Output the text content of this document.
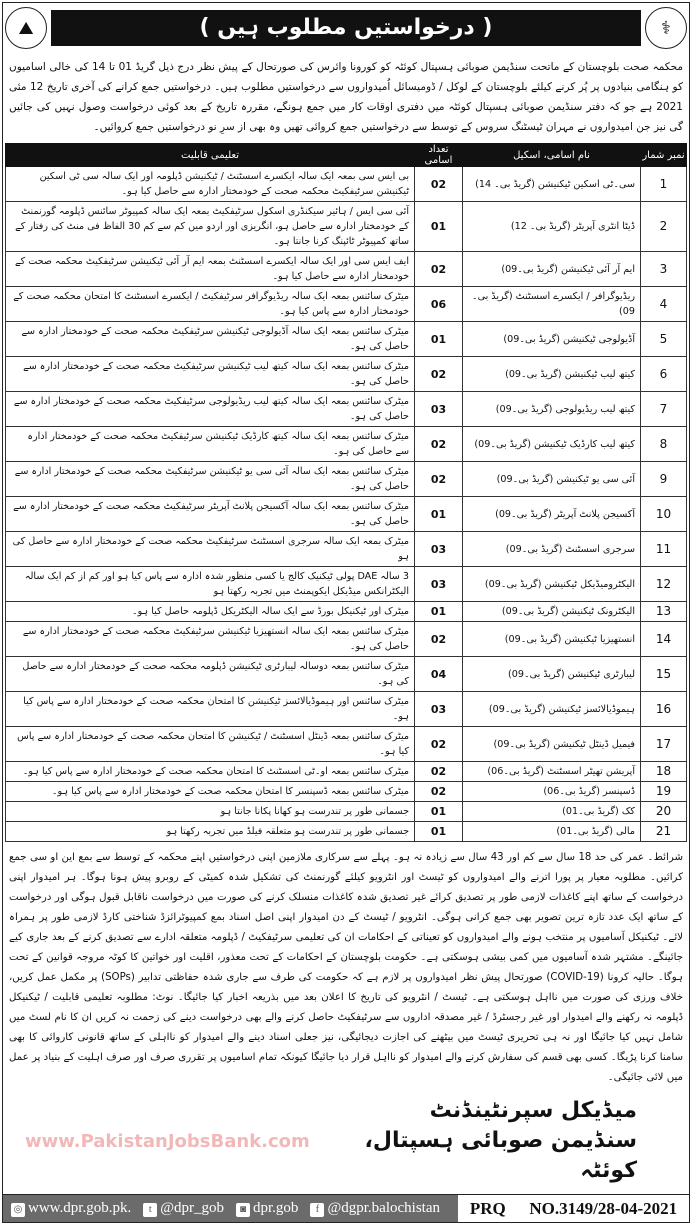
⛰	( درخواستیں مطلوب ہیں )	⚕

محکمہ صحت بلوچستان کے ماتحت سنڈیمن صوبائی ہسپتال کوئٹہ کو کورونا وائرس کی صورتحال کے پیش نظر درج ذیل گریڈ 01 تا 14 کی خالی اسامیوں کو ہنگامی بنیادوں پر پُر کرنے کیلئے بلوچستان کے لوکل / ڈومیسائل اُمیدواروں سے درخواستیں مطلوب ہیں۔ درخواستیں جمع کرانے کی آخری تاریخ 12 مئی 2021 ہے جو کہ دفتر سنڈیمن صوبائی ہسپتال کوئٹہ میں دفتری اوقات کار میں جمع ہونگے، مقررہ تاریخ کے بعد کوئی درخواست وصول نہیں کی جائیں گی نیز جن امیدواروں نے مہران ٹیسٹنگ سروس کے توسط سے درخواستیں جمع کروائی تھیں وہ بھی از سرِ نو درخواستیں جمع کروائیں۔

نمبر شمار	نام اسامی، اسکیل	تعداد اسامی	تعلیمی قابلیت
1	سی۔ٹی اسکین ٹیکنیشن (گریڈ بی۔ 14)	02	بی ایس سی بمعہ ایک سالہ ایکسرے اسسٹنٹ / ٹیکنیشن ڈپلومہ اور ایک سالہ سی ٹی اسکین ٹیکنیشن سرٹیفکیٹ محکمہ صحت کے خودمختار ادارہ سے حاصل کیا ہو۔
2	ڈیٹا انٹری آپریٹر (گریڈ بی۔ 12)	01	آئی سی ایس / ہائیر سیکنڈری اسکول سرٹیفکیٹ بمعہ ایک سالہ کمپیوٹر سائنس ڈپلومہ گورنمنٹ کے خودمختار ادارہ سے حاصل ہو، انگریزی اور اردو میں کم سے کم 30 الفاظ فی منٹ کی رفتار کے ساتھ کمپیوٹر ٹائپنگ کرنا جانتا ہو۔
3	ایم آر آئی ٹیکنیشن (گریڈ بی۔09)	02	ایف ایس سی اور ایک سالہ ایکسرے اسسٹنٹ بمعہ ایم آر آئی ٹیکنیشن سرٹیفکیٹ محکمہ صحت کے خودمختار ادارہ سے حاصل کیا ہو۔
4	ریڈیوگرافر / ایکسرے اسسٹنٹ (گریڈ بی۔09)	06	میٹرک سائنس بمعہ ایک سالہ ریڈیوگرافر سرٹیفکیٹ / ایکسرے اسسٹنٹ کا امتحان محکمہ صحت کے خودمختار ادارہ سے پاس کیا ہو۔
5	آڈیولوجی ٹیکنیشن (گریڈ بی۔09)	01	میٹرک سائنس بمعہ ایک سالہ آڈیولوجی ٹیکنیشن سرٹیفکیٹ محکمہ صحت کے خودمختار ادارہ سے حاصل کی ہو۔
6	کیتھ لیب ٹیکنیشن (گریڈ بی۔09)	02	میٹرک سائنس بمعہ ایک سالہ کیتھ لیب ٹیکنیشن سرٹیفکیٹ محکمہ صحت کے خودمختار ادارہ سے حاصل کی ہو۔
7	کیتھ لیب ریڈیولوجی (گریڈ بی۔09)	03	میٹرک سائنس بمعہ ایک سالہ کیتھ لیب ریڈیولوجی سرٹیفکیٹ محکمہ صحت کے خودمختار ادارہ سے حاصل کی ہو۔
8	کیتھ لیب کارڈیک ٹیکنیشن (گریڈ بی۔09)	02	میٹرک سائنس بمعہ ایک سالہ کیتھ کارڈیک ٹیکنیشن سرٹیفکیٹ محکمہ صحت کے خودمختار ادارہ سے حاصل کی ہو۔
9	آئی سی یو ٹیکنیشن (گریڈ بی۔09)	02	میٹرک سائنس بمعہ ایک سالہ آئی سی یو ٹیکنیشن سرٹیفکیٹ محکمہ صحت کے خودمختار ادارہ سے حاصل کی ہو۔
10	آکسیجن پلانٹ آپریٹر (گریڈ بی۔09)	01	میٹرک سائنس بمعہ ایک سالہ آکسیجن پلانٹ آپریٹر سرٹیفکیٹ محکمہ صحت کے خودمختار ادارہ سے حاصل کی ہو۔
11	سرجری اسسٹنٹ (گریڈ بی۔09)	03	میٹرک بمعہ ایک سالہ سرجری اسسٹنٹ سرٹیفکیٹ محکمہ صحت کے خودمختار ادارہ سے حاصل کی ہو
12	الیکٹرومیڈیکل ٹیکنیشن (گریڈ بی۔09)	03	3 سالہ DAE پولی ٹیکنیک کالج یا کسی منظور شدہ ادارہ سے پاس کیا ہو اور کم از کم ایک سالہ الیکٹرانکس میڈیکل ایکوپمنٹ میں تجربہ رکھتا ہو
13	الیکٹرونک ٹیکنیشن (گریڈ بی۔09)	01	میٹرک اور ٹیکنیکل بورڈ سے ایک سالہ الیکٹریکل ڈپلومہ حاصل کیا ہو۔
14	انستھیزیا ٹیکنیشن (گریڈ بی۔09)	02	میٹرک سائنس بمعہ ایک سالہ انستھیزیا ٹیکنیشن سرٹیفکیٹ محکمہ صحت کے خودمختار ادارہ سے حاصل کی ہو۔
15	لیبارٹری ٹیکنیشن (گریڈ بی۔09)	04	میٹرک سائنس بمعہ دوسالہ لیبارٹری ٹیکنیشن ڈپلومہ محکمہ صحت کے خودمختار ادارہ سے حاصل کی ہو۔
16	ہیموڈیالائسز ٹیکنیشن (گریڈ بی۔09)	03	میٹرک سائنس اور ہیموڈیالائسز ٹیکنیشن کا امتحان محکمہ صحت کے خودمختار ادارہ سے پاس کیا ہو۔
17	فیمیل ڈینٹل ٹیکنیشن (گریڈ بی۔09)	02	میٹرک سائنس بمعہ ڈینٹل اسسٹنٹ / ٹیکنیشن کا امتحان محکمہ صحت کے خودمختار ادارہ سے پاس کیا ہو۔
18	آپریشن تھیٹر اسسٹنٹ (گریڈ بی۔06)	02	میٹرک سائنس بمعہ او۔ٹی اسسٹنٹ کا امتحان محکمہ صحت کے خودمختار ادارہ سے پاس کیا ہو۔
19	ڈسپنسر (گریڈ بی۔06)	02	میٹرک سائنس بمعہ ڈسپنسر کا امتحان محکمہ صحت کے خودمختار ادارہ سے پاس کیا ہو۔
20	کک (گریڈ بی۔01)	01	جسمانی طور پر تندرست ہو کھانا پکانا جانتا ہو
21	مالی (گریڈ بی۔01)	01	جسمانی طور پر تندرست ہو متعلقہ فیلڈ میں تجربہ رکھتا ہو

شرائط۔ عمر کی حد 18 سال سے کم اور 43 سال سے زیادہ نہ ہو۔ پہلے سے سرکاری ملازمین اپنی درخواستیں اپنے محکمہ کے توسط سے بمع این او سی جمع کرائیں۔ مطلوبہ معیار پر پورا اترنے والے امیدواروں کو ٹیسٹ اور انٹرویو کیلئے گورنمنٹ کی تشکیل شدہ کمیٹی کے روبرو پیش ہونا ہوگا۔ ہر امیدوار اپنی درخواست کے ساتھ اپنے کاغذات لازمی طور پر تصدیق کرائے غیر تصدیق شدہ کاغذات منسلک کرنے کی صورت میں درخواست ناقابل قبول ہوگی اور درخواست کے ساتھ ایک عدد تازہ ترین تصویر بھی جمع کرانی ہوگی۔ انٹرویو / ٹیسٹ کے دن امیدوار اپنی اصل اسناد بمع کمپیوٹرائزڈ شناختی کارڈ لازمی طور پر ہمراہ لائے۔ ٹیکنیکل آسامیوں پر منتخب ہونے والے امیدواروں کو تعیناتی کے احکامات ان کی تعلیمی سرٹیفکیٹ / ڈپلومہ متعلقہ ادارے سے تصدیق کرنے کے بعد جاری کیے جائینگے۔ مشتہر شدہ آسامیوں میں کمی بیشی ہوسکتی ہے۔ حکومت بلوچستان کے احکامات کے تحت معذور، اقلیت اور خواتین کا کوٹہ مروجہ قوانین کے تحت ہوگا۔ حالیہ کرونا (COVID-19) صورتحال پیش نظر امیدواروں پر لازم ہے کہ حکومت کی طرف سے جاری شدہ حفاظتی تدابیر (SOPs) پر مکمل عمل کریں، خلاف ورزی کی صورت میں نااہل ہوسکتی ہے۔ ٹیسٹ / انٹرویو کی تاریخ کا اعلان بعد میں بذریعہ اخبار کیا جائیگا۔ نوٹ: مطلوبہ تعلیمی قابلیت / ٹیکنیکل ڈپلومہ نہ رکھنے والے امیدوار اور غیر رجسٹرڈ / غیر مصدقہ اداروں سے سرٹیفکیٹ حاصل کرنے والے بھی درخواست دینے کی زحمت نہ کریں ان کا نام لسٹ میں شامل نہیں کیا جائیگا اور نہ ہی تحریری ٹیسٹ میں بیٹھنے کی اجازت دیجائیگی، نیز جعلی اسناد دینے والے امیدوار کو نااہلی کے ساتھ قانونی کاروائی کا بھی سامنا کرنا پڑیگا۔ کسی بھی قسم کی سفارش کرنے والے امیدوار کو نااہل قرار دیا جائیگا کیونکہ تمام اسامیوں پر تقرری صرف اور صرف اہلیت کے بنیاد پر عمل میں لائی جائیگی۔

www.PakistanJobsBank.com
میڈیکل سپرنٹینڈنٹ
سنڈیمن صوبائی ہسپتال، کوئٹہ
◎ www.dpr.gob.pk.	t @dpr_gob	◙ dpr.gob	f @dgpr.balochistan PRQ NO.3149/28-04-2021
